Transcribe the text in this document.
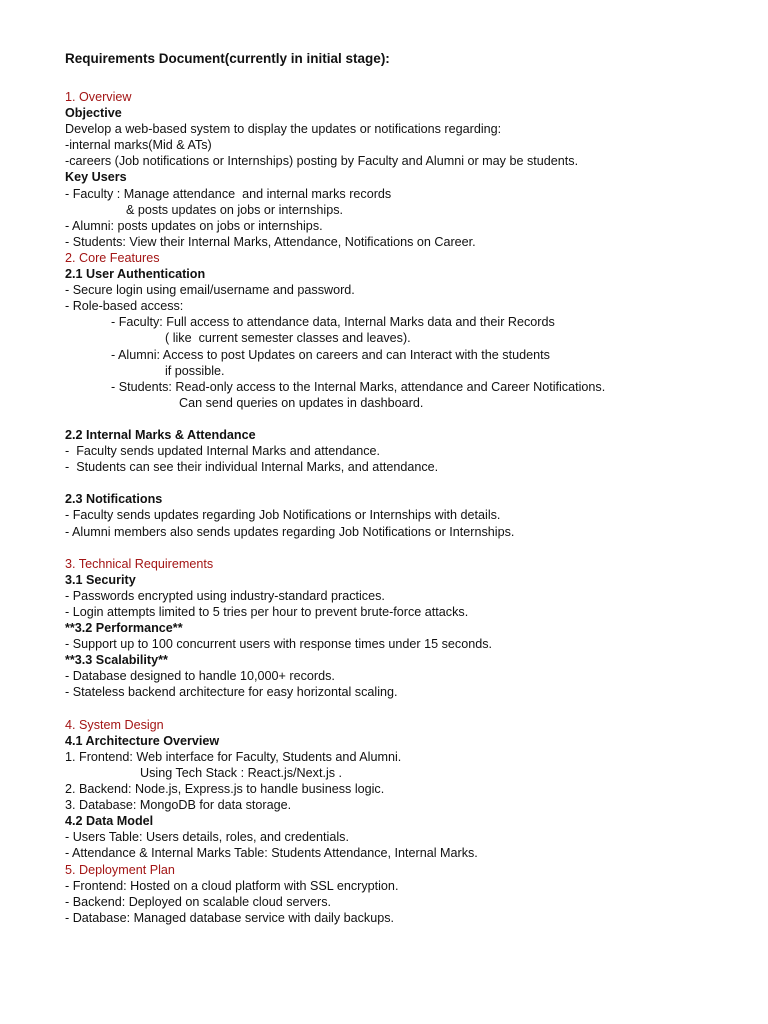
Requirements Document(currently in initial stage):
1. Overview
Objective
Develop a web-based system to display the updates or notifications regarding:
-internal marks(Mid & ATs)
-careers (Job notifications or Internships) posting by Faculty and Alumni or may be students.
Key Users
- Faculty : Manage attendance  and internal marks records
& posts updates on jobs or internships.
- Alumni: posts updates on jobs or internships.
- Students: View their Internal Marks, Attendance, Notifications on Career.
2. Core Features
2.1 User Authentication
- Secure login using email/username and password.
- Role-based access:
- Faculty: Full access to attendance data, Internal Marks data and their Records
( like  current semester classes and leaves).
- Alumni: Access to post Updates on careers and can Interact with the students
if possible.
- Students: Read-only access to the Internal Marks, attendance and Career Notifications.
Can send queries on updates in dashboard.
2.2 Internal Marks & Attendance
-  Faculty sends updated Internal Marks and attendance.
-  Students can see their individual Internal Marks, and attendance.
2.3 Notifications
- Faculty sends updates regarding Job Notifications or Internships with details.
- Alumni members also sends updates regarding Job Notifications or Internships.
3. Technical Requirements
3.1 Security
- Passwords encrypted using industry-standard practices.
- Login attempts limited to 5 tries per hour to prevent brute-force attacks.
**3.2 Performance**
- Support up to 100 concurrent users with response times under 15 seconds.
**3.3 Scalability**
- Database designed to handle 10,000+ records.
- Stateless backend architecture for easy horizontal scaling.
4. System Design
4.1 Architecture Overview
1. Frontend: Web interface for Faculty, Students and Alumni.
Using Tech Stack : React.js/Next.js .
2. Backend: Node.js, Express.js to handle business logic.
3. Database: MongoDB for data storage.
4.2 Data Model
- Users Table: Users details, roles, and credentials.
- Attendance & Internal Marks Table: Students Attendance, Internal Marks.
5. Deployment Plan
- Frontend: Hosted on a cloud platform with SSL encryption.
- Backend: Deployed on scalable cloud servers.
- Database: Managed database service with daily backups.
